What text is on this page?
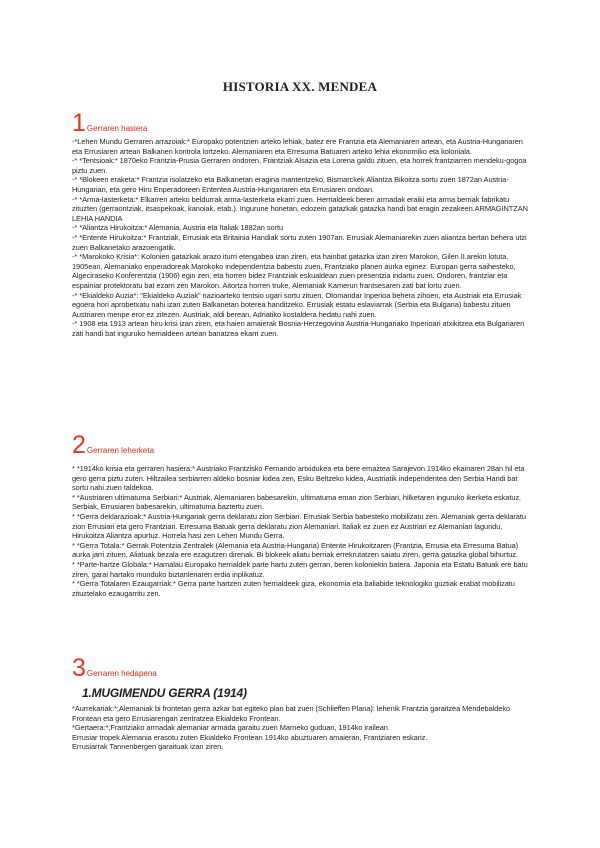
HISTORIA XX. MENDEA
1 Gerraren hasiera

-*Lehen Mundu Gerraren arrazoiak:* Europako potentzien arteko lehiak, batez ere Frantzia eta Alemaniaren artean, eta Austria-Hungariaren eta Errusiaren artean Balkanen kontrola lortzeko. Alemaniaren eta Erresuma Batuaren arteko lehia ekonomiko eta koloniala.

-* *Tentsioak:* 1870eko Frantzia-Prusia Gerraren ondoren, Frantziak Alsazia eta Lorena galdu zituen, eta horrek frantziarren mendeku-gogoa piztu zuen.

-* *Blokeen eraketa:* Frantzia isolatzeko eta Balkanetan eragina mantentzeko, Bismarckek Aliantza Bikoitza sortu zuen 1872an Austria-Hungarian, eta gero Hiru Enperadoreen Ententea Austria-Hungariaren eta Errusiaren ondoan.

-* *Arma-lasterketa:* Elkarren arteko beldurrak arma-lasterketa ekarri zuen. Herrialdeek beren armadak eraiki eta arma berriak fabrikatu zituzten (gerraontziak, itsaspekoak, kanoiak, etab.). Ingurune honetan, edozein gatazkak gatazka handi bat eragin zezakeen.ARMAGINTZAN LEHIA HANDIA

-* *Aliantza Hirukoitza:* Alemania, Austria eta Italiak 1882an sortu

-* *Entente Hirukoitza:* Frantziak, Errusiak eta Britainia Handiak sortu zuten 1907an. Errusiak Alemaniarekin zuen aliantza bertan behera utzi zuen Balkanetako arazoengatik.

-* *Marokoko Krisia*: Kolonien gatazkak arazo iturri etengabea izan ziren, eta hainbat gatazka izan ziren Marokon, Gilen II.arekin lotuta. 1905ean, Alemaniako enperadoreak Marokoko independentzia babestu zuen, Frantziako planen aurka eginez. Europan gerra saihesteko, Algeciraseko Konferentzia (1906) egin zen, eta horren bidez Frantziak eskualdean zuen presentzia indartu zuen. Ondoren, frantziar eta espainiar protektoratu bat ezarri zen Marokon. Aitortza horren truke, Alemaniak Kamerun frantsesaren zati bat lortu zuen.

-* *Ekialdeko Auzia*: "Ekialdeko Auziak" nazioarteko tentsio ugari sortu zituen. Otomandar Inperioa behera zihoen, eta Austriak eta Errusiak egoera hori aprobetxatu nahi izan zuten Balkanetan boterea handitzeko. Errusiak estatu eslaviarrak (Serbia eta Bulgaria) babestu zituen Austriaren menpe eror ez zitezen. Austriak, aldi berean, Adriatiko kostaldera hedatu nahi zuen.

-* 1908 eta 1913 artean hiru krisi izan ziren, eta haien amaierak Bosnia-Herzegovina Austria-Hungariako Inperioari atxikitzea eta Bulgariaren zati handi bat inguruko herrialdeen artean banatzea ekarri zuen.

2 Gerraren leherketa

* *1914ko krisia eta gerraren hasiera:* Austriako Frantzisko Fernando artxidukea eta bere emaztea Sarajevon 1914ko ekainaren 28an hil eta gero gerra piztu zuten. Hiltzailea serbiarren aldeko bosniar kidea zen, Esku Beltzeko kidea, Austriatik independentea den Serbia Handi bat sortu nahi zuen taldekoa.

* *Austriaren ultimatuma Serbiari:* Austriak, Alemaniaren babesarekin, ultimatuma eman zion Serbiari, hilketaren inguruko ikerketa eskatuz. Serbiak, Errusiaren babesarekin, ultimatuma baztertu zuen.

* *Gerra deklarazioak:* Austria-Hungariak gerra deklaratu zion Serbiari. Errusiak Serbia babesteko mobilizatu zen. Alemaniak gerra deklaratu zion Errusiari eta gero Frantziari. Erresuma Batuak gerra deklaratu zion Alemaniari. Italiak ez zuen ez Austriari ez Alemaniari lagundu, Hirukoitza Aliantza apurtuz. Horrela hasi zen Lehen Mundu Gerra.

* *Gerra Totala:* Gerrak Potentzia Zentralek (Alemania eta Austria-Hungaria) Entente Hirukoitzaren (Frantzia, Errusia eta Erresuma Batua) aurka jarri zituen, Aliatuak bezala ere ezagutzen direnak. Bi blokeek aliatu berriak errekrutatzen saiatu ziren, gerra gatazka global bihurtuz.

* *Parte-hartze Globala:* Hamalau Europako herrialdek parte hartu zuten gerran, beren koloniekin batera. Japonia eta Estatu Batuak ere batu ziren, garai hartako munduko biztanleriaren erdia inplikatuz.

* *Gerra Totalaren Ezaugarriak:* Gerra parte hartzen zuten herrialdeek giza, ekonomia eta baliabide teknologiko guztiak erabat mobilizatu zituztelako ezaugarritu zen.

3 Gerraren hedapena
1.MUGIMENDU GERRA (1914)

*Aurrekariak:*;Alemaniak bi frontetan gerra azkar bat egiteko plan bat zuen (Schlieffen Plana): lehenik Frantzia garaitzea Mendebaldeko Frontean eta gero Errusiarengan zentratzea Ekialdeko Frontean.

*Gertaera:*;Frantziako armadak alemaniar armada garaitu zuen Marneko guduan, 1914ko irailean.

Errusiar tropek Alemania erasotu zuten Ekialdeko Frontean 1914ko abuztuaren amaieran, Frantziaren eskariz.

Errusiarrak Tannenbergen garaituak izan ziren.
